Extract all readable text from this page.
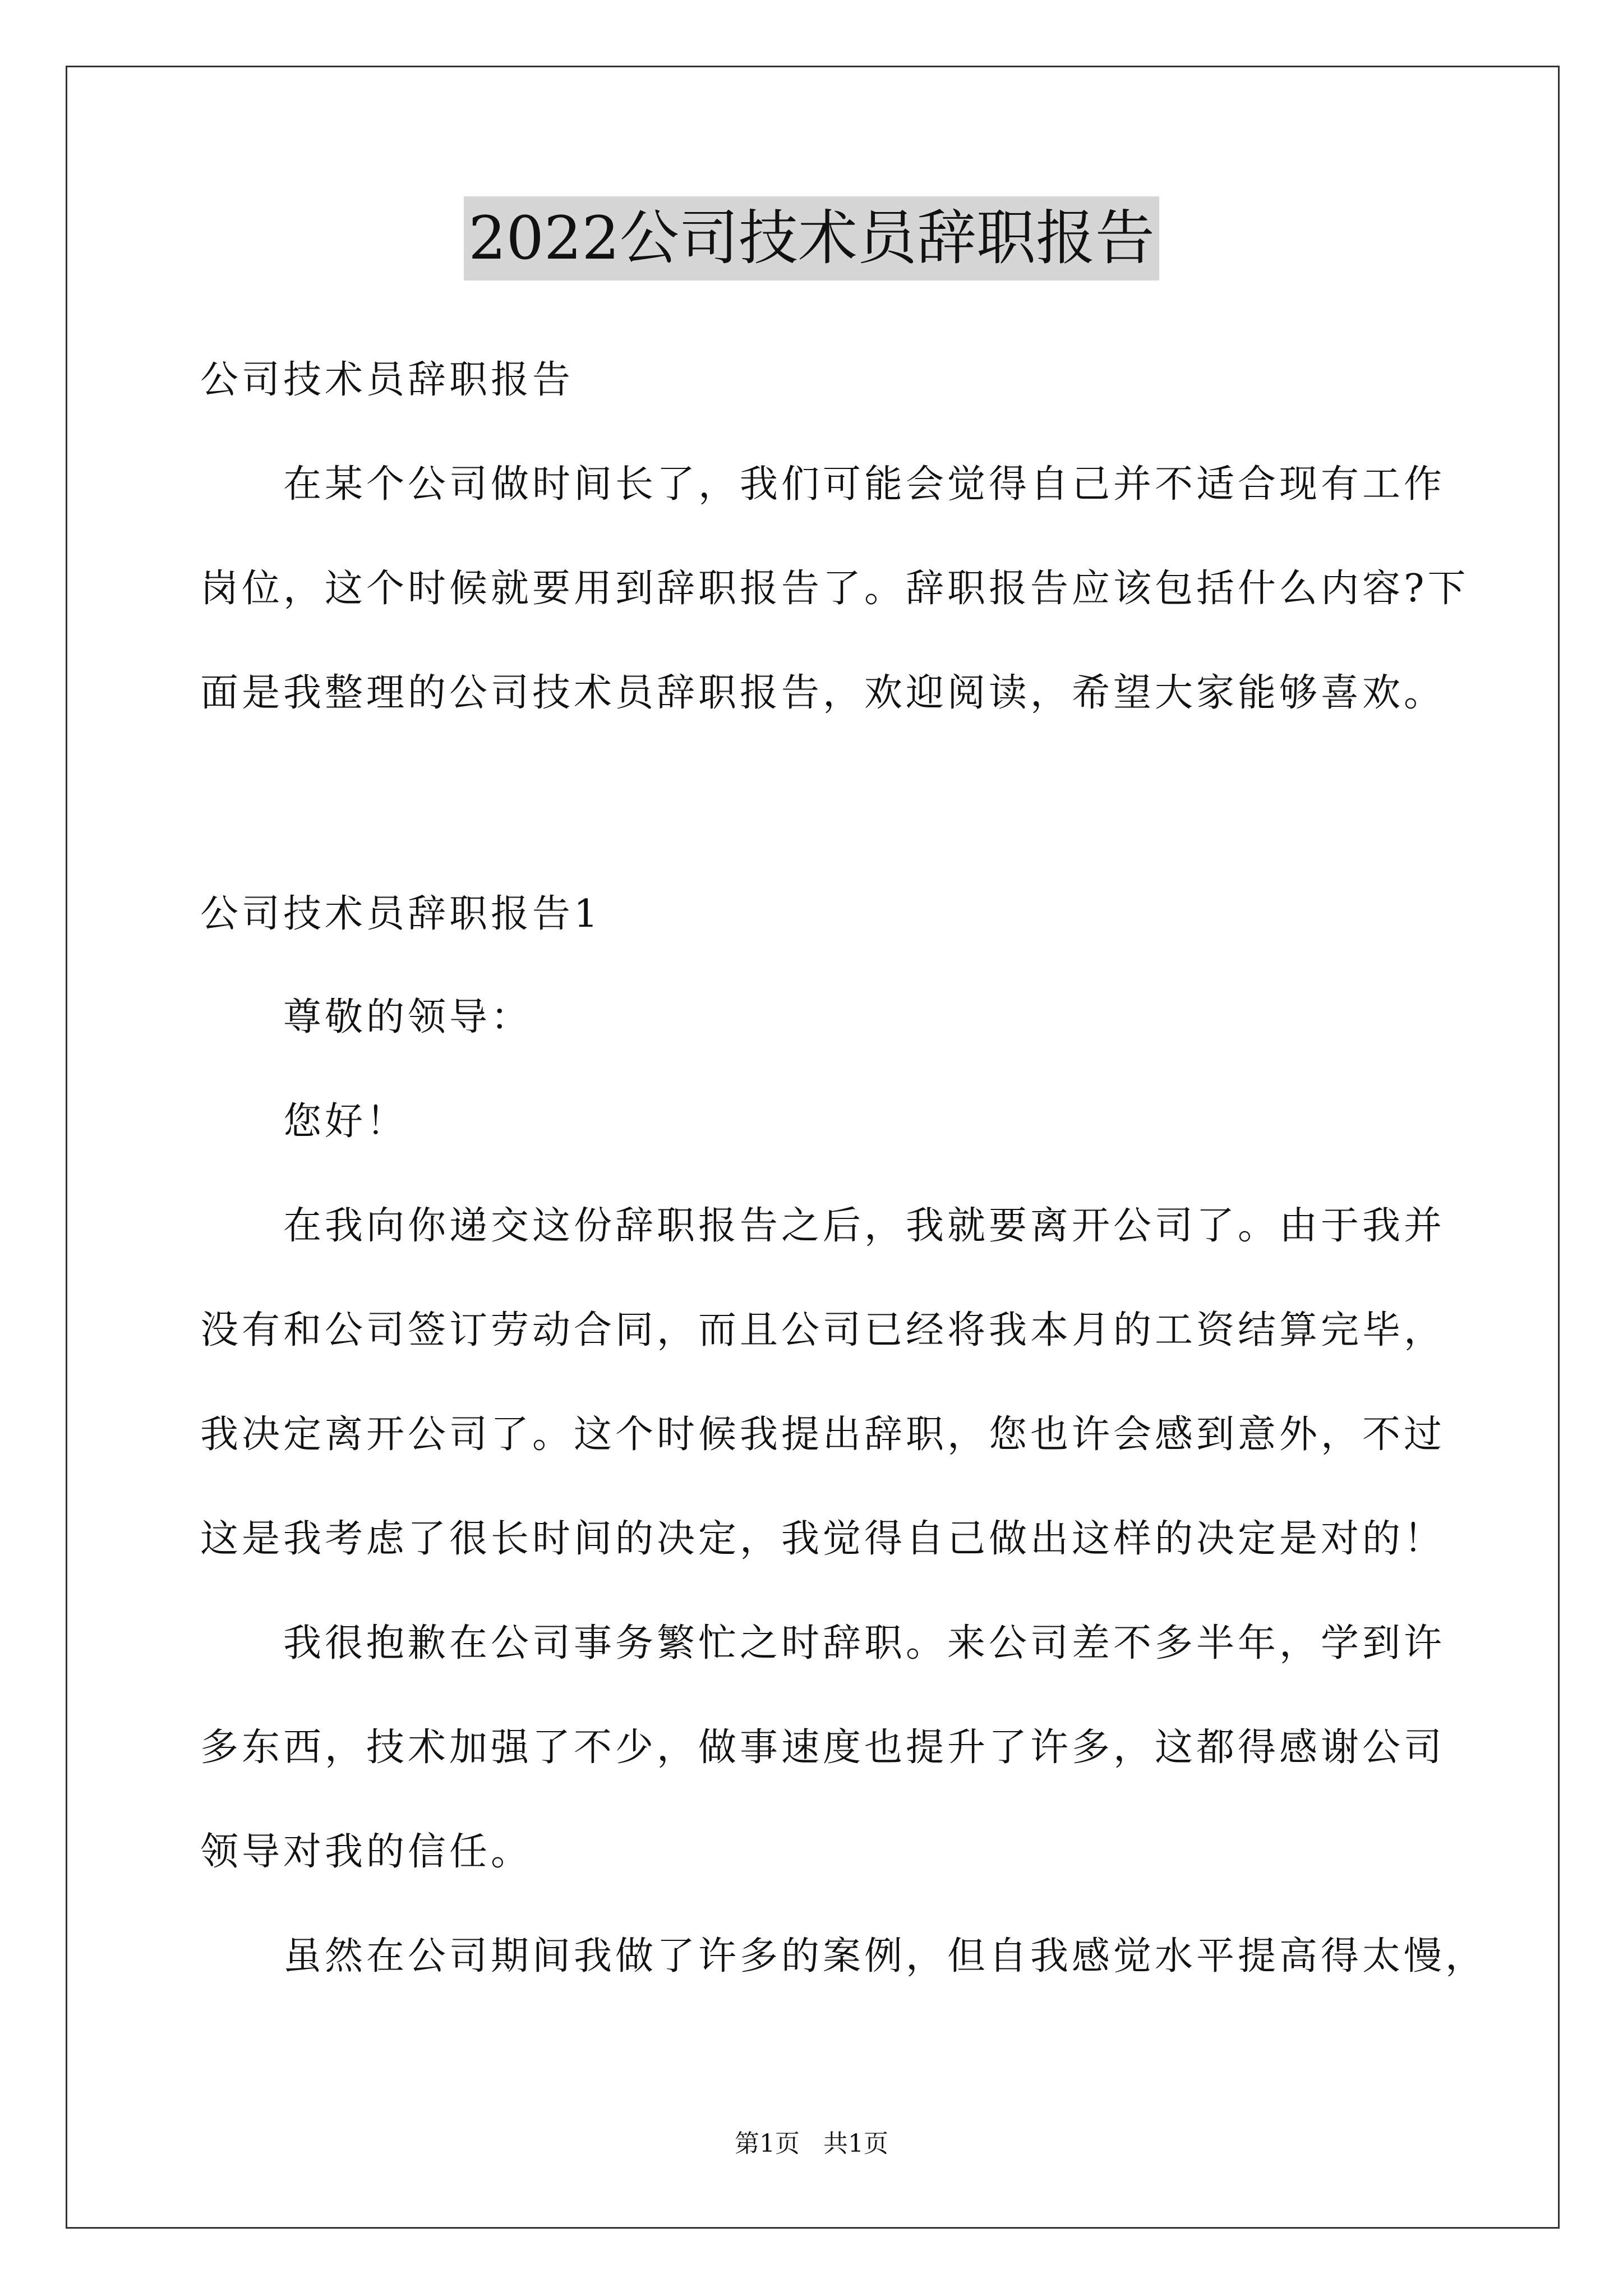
2022公司技术员辞职报告
公司技术员辞职报告
　　在某个公司做时间长了，我们可能会觉得自己并不适合现有工作
岗位，这个时候就要用到辞职报告了。辞职报告应该包括什么内容?下
面是我整理的公司技术员辞职报告，欢迎阅读，希望大家能够喜欢。
公司技术员辞职报告1
　　尊敬的领导：
　　您好！
　　在我向你递交这份辞职报告之后，我就要离开公司了。由于我并
没有和公司签订劳动合同，而且公司已经将我本月的工资结算完毕，
我决定离开公司了。这个时候我提出辞职，您也许会感到意外，不过
这是我考虑了很长时间的决定，我觉得自己做出这样的决定是对的！
　　我很抱歉在公司事务繁忙之时辞职。来公司差不多半年，学到许
多东西，技术加强了不少，做事速度也提升了许多，这都得感谢公司
领导对我的信任。
　　虽然在公司期间我做了许多的案例，但自我感觉水平提高得太慢，
第1页 共1页
